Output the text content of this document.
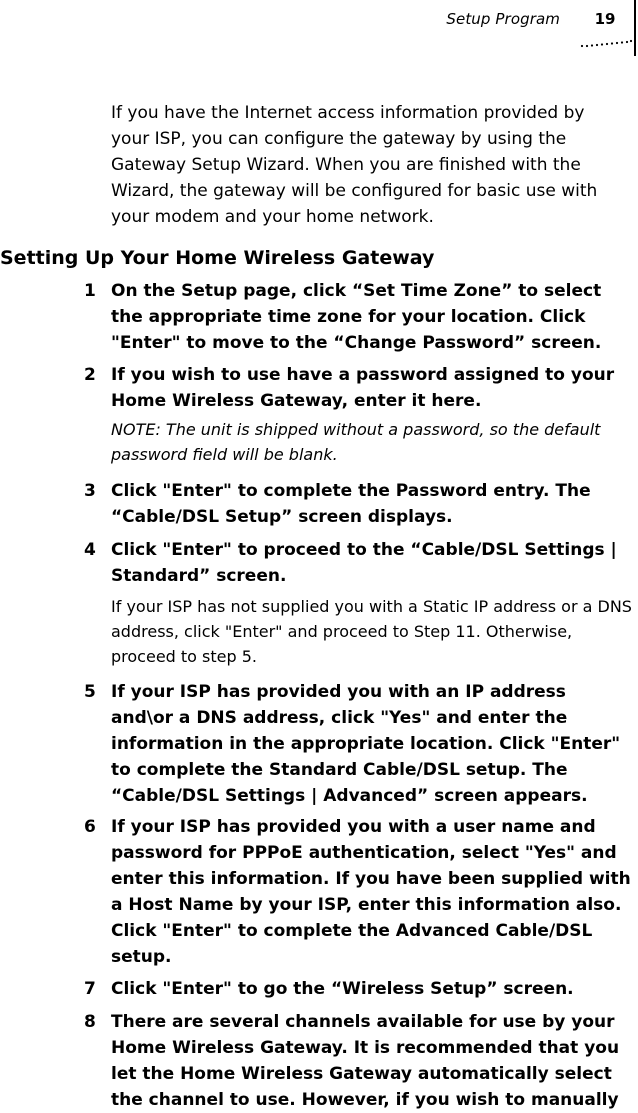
Setup Program	19

If you have the Internet access information provided by your ISP, you can configure the gateway by using the Gateway Setup Wizard. When you are finished with the Wizard, the gateway will be configured for basic use with your modem and your home network.

Setting Up Your Home Wireless Gateway
1 On the Setup page, click “Set Time Zone” to select the appropriate time zone for your location. Click "Enter" to move to the “Change Password” screen.
2 If you wish to use have a password assigned to your Home Wireless Gateway, enter it here.
NOTE: The unit is shipped without a password, so the default password field will be blank.
3 Click "Enter" to complete the Password entry. The “Cable/DSL Setup” screen displays.
4 Click "Enter" to proceed to the “Cable/DSL Settings | Standard” screen.
If your ISP has not supplied you with a Static IP address or a DNS address, click "Enter" and proceed to Step 11. Otherwise, proceed to step 5.
5 If your ISP has provided you with an IP address and\or a DNS address, click "Yes" and enter the information in the appropriate location. Click "Enter" to complete the Standard Cable/DSL setup. The “Cable/DSL Settings | Advanced” screen appears.
6 If your ISP has provided you with a user name and password for PPPoE authentication, select "Yes" and enter this information. If you have been supplied with a Host Name by your ISP, enter this information also. Click "Enter" to complete the Advanced Cable/DSL setup.
7 Click "Enter" to go the “Wireless Setup” screen.
8 There are several channels available for use by your Home Wireless Gateway. It is recommended that you let the Home Wireless Gateway automatically select the channel to use. However, if you wish to manually
